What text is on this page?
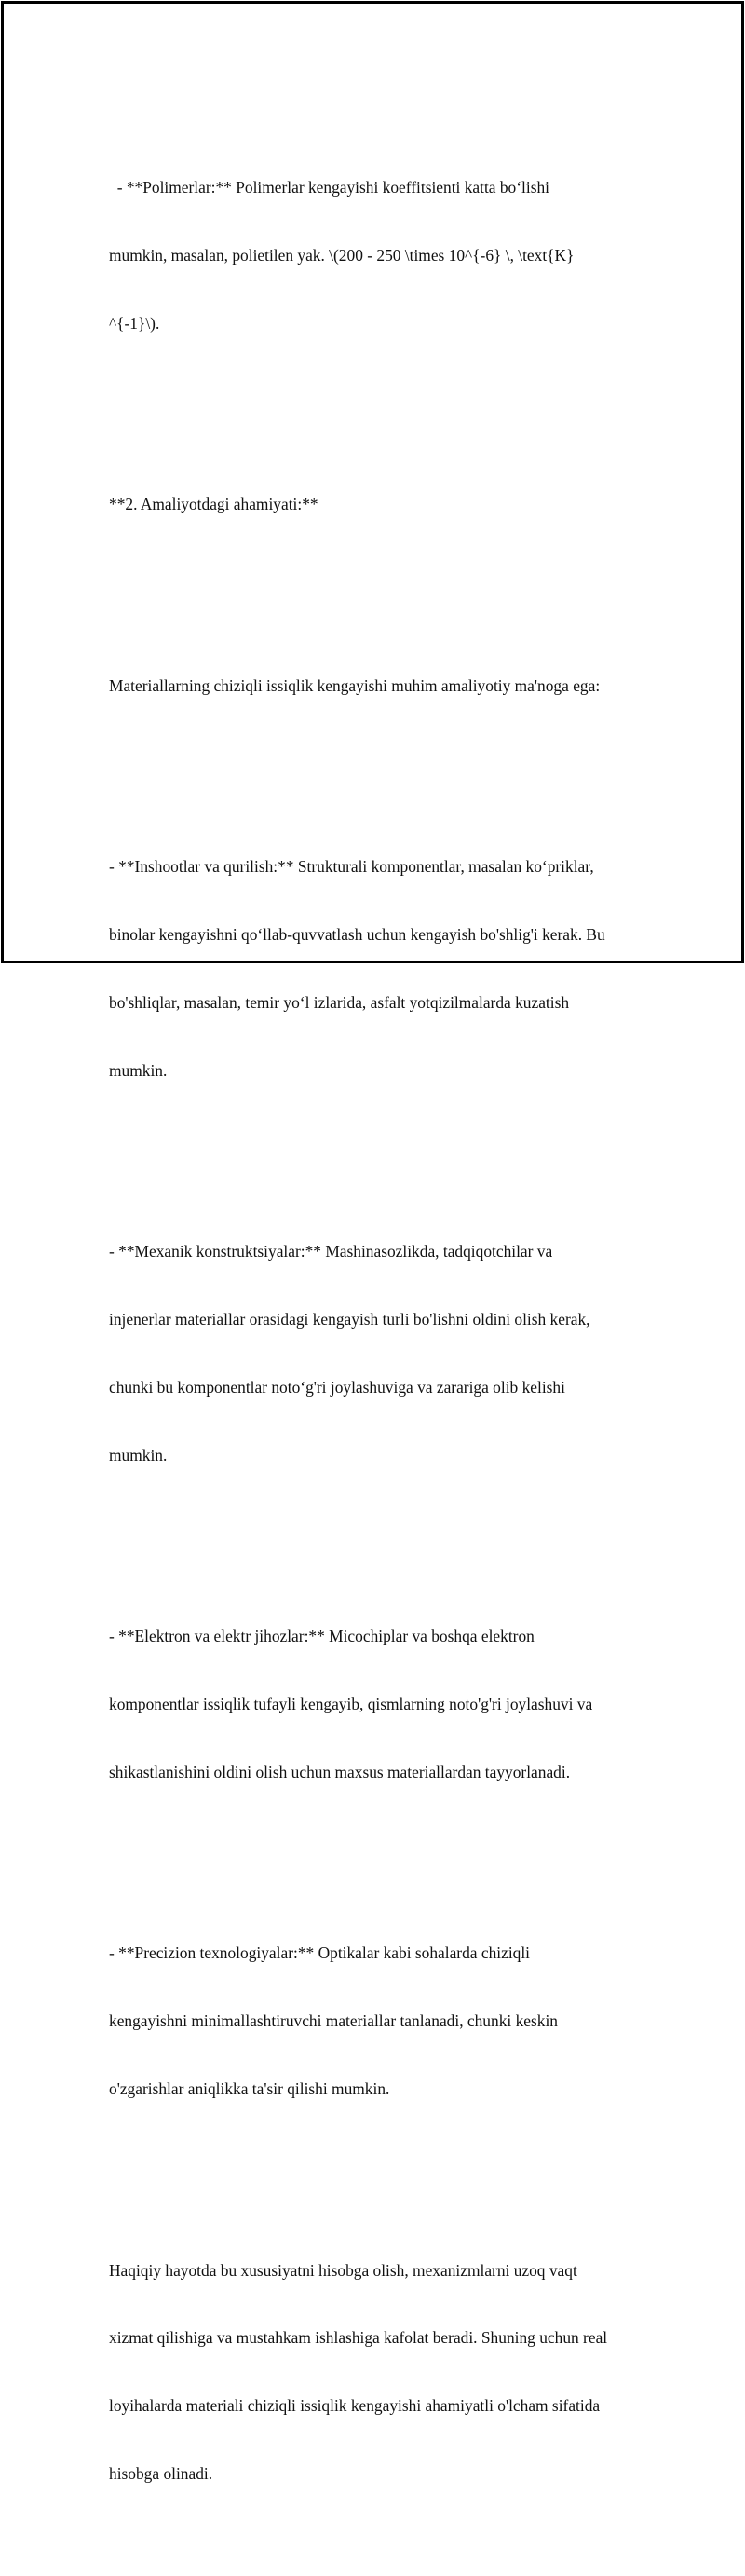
- **Polimerlar:** Polimerlar kengayishi koeffitsienti katta bo‘lishi

mumkin, masalan, polietilen yak. \(200 - 250 \times 10^{-6} \, \text{K}

^{-1}\).

**2. Amaliyotdagi ahamiyati:**

Materiallarning chiziqli issiqlik kengayishi muhim amaliyotiy ma'noga ega:

- **Inshootlar va qurilish:** Strukturali komponentlar, masalan ko‘priklar,

binolar kengayishni qo‘llab-quvvatlash uchun kengayish bo'shlig'i kerak. Bu

bo'shliqlar, masalan, temir yo‘l izlarida, asfalt yotqizilmalarda kuzatish

mumkin.

- **Mexanik konstruktsiyalar:** Mashinasozlikda, tadqiqotchilar va

injenerlar materiallar orasidagi kengayish turli bo'lishni oldini olish kerak,

chunki bu komponentlar noto‘g'ri joylashuviga va zarariga olib kelishi

mumkin.

- **Elektron va elektr jihozlar:** Micochiplar va boshqa elektron

komponentlar issiqlik tufayli kengayib, qismlarning noto'g'ri joylashuvi va

shikastlanishini oldini olish uchun maxsus materiallardan tayyorlanadi.

- **Precizion texnologiyalar:** Optikalar kabi sohalarda chiziqli

kengayishni minimallashtiruvchi materiallar tanlanadi, chunki keskin

o'zgarishlar aniqlikka ta'sir qilishi mumkin.

Haqiqiy hayotda bu xususiyatni hisobga olish, mexanizmlarni uzoq vaqt

xizmat qilishiga va mustahkam ishlashiga kafolat beradi. Shuning uchun real

loyihalarda materiali chiziqli issiqlik kengayishi ahamiyatli o'lcham sifatida

hisobga olinadi.
